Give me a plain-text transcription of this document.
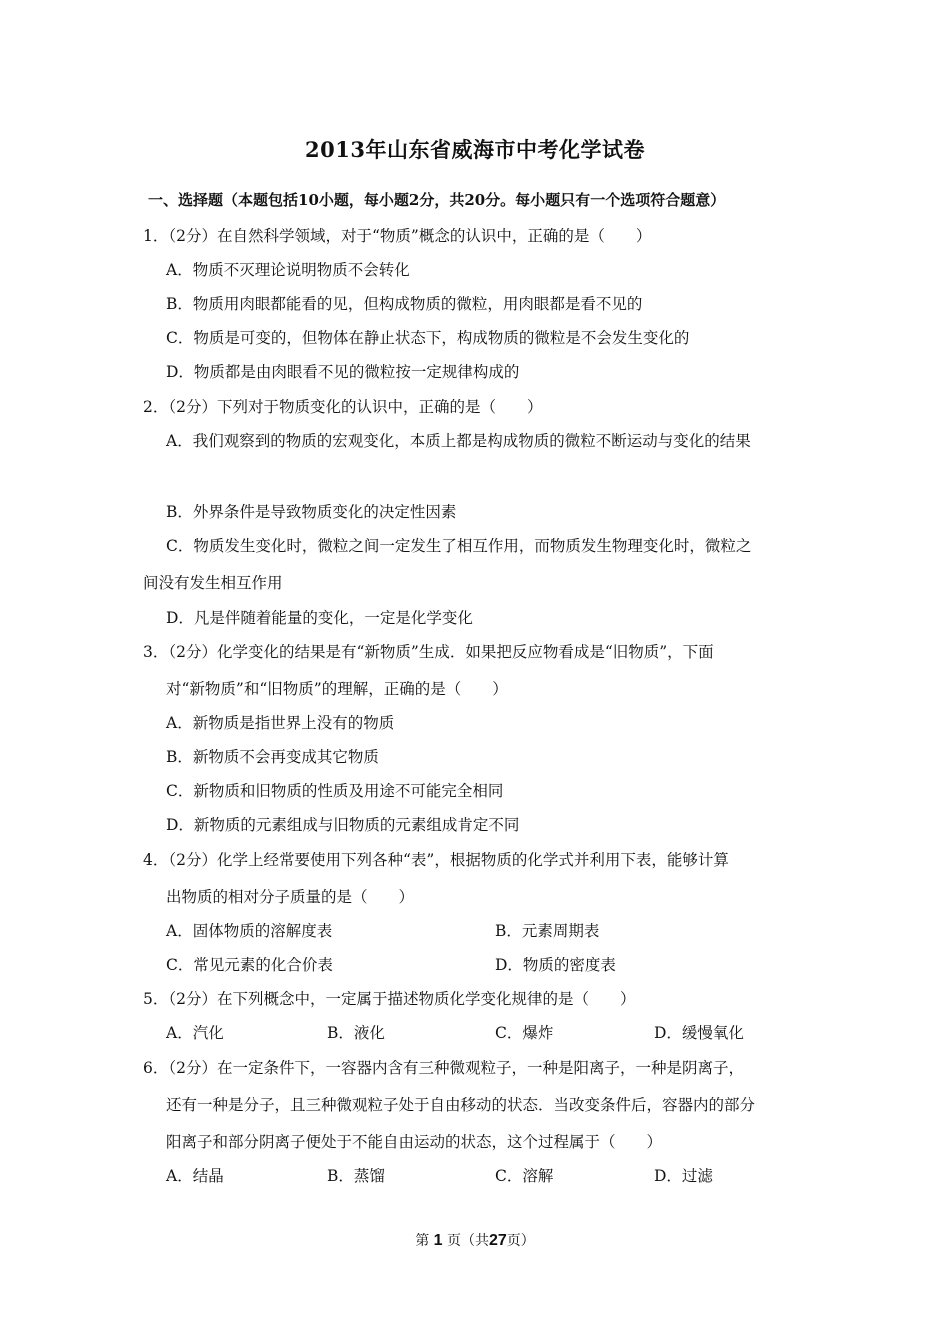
2013年山东省威海市中考化学试卷
一、选择题（本题包括10小题，每小题2分，共20分。每小题只有一个选项符合题意）
1．（2分）在自然科学领域，对于“物质”概念的认识中，正确的是（　　）
A．物质不灭理论说明物质不会转化
B．物质用肉眼都能看的见，但构成物质的微粒，用肉眼都是看不见的
C．物质是可变的，但物体在静止状态下，构成物质的微粒是不会发生变化的
D．物质都是由肉眼看不见的微粒按一定规律构成的
2．（2分）下列对于物质变化的认识中，正确的是（　　）
A．我们观察到的物质的宏观变化，本质上都是构成物质的微粒不断运动与变化的结果
B．外界条件是导致物质变化的决定性因素
C．物质发生变化时，微粒之间一定发生了相互作用，而物质发生物理变化时，微粒之
间没有发生相互作用
D．凡是伴随着能量的变化，一定是化学变化
3．（2分）化学变化的结果是有“新物质”生成．如果把反应物看成是“旧物质”，下面
对“新物质”和“旧物质”的理解，正确的是（　　）
A．新物质是指世界上没有的物质
B．新物质不会再变成其它物质
C．新物质和旧物质的性质及用途不可能完全相同
D．新物质的元素组成与旧物质的元素组成肯定不同
4．（2分）化学上经常要使用下列各种“表”，根据物质的化学式并利用下表，能够计算
出物质的相对分子质量的是（　　）
A．固体物质的溶解度表	B．元素周期表
C．常见元素的化合价表	D．物质的密度表
5．（2分）在下列概念中，一定属于描述物质化学变化规律的是（　　）
A．汽化	B．液化	C．爆炸	D．缓慢氧化
6．（2分）在一定条件下，一容器内含有三种微观粒子，一种是阳离子，一种是阴离子，
还有一种是分子，且三种微观粒子处于自由移动的状态．当改变条件后，容器内的部分
阳离子和部分阴离子便处于不能自由运动的状态，这个过程属于（　　）
A．结晶	B．蒸馏	C．溶解	D．过滤
第 1 页（共27页）
